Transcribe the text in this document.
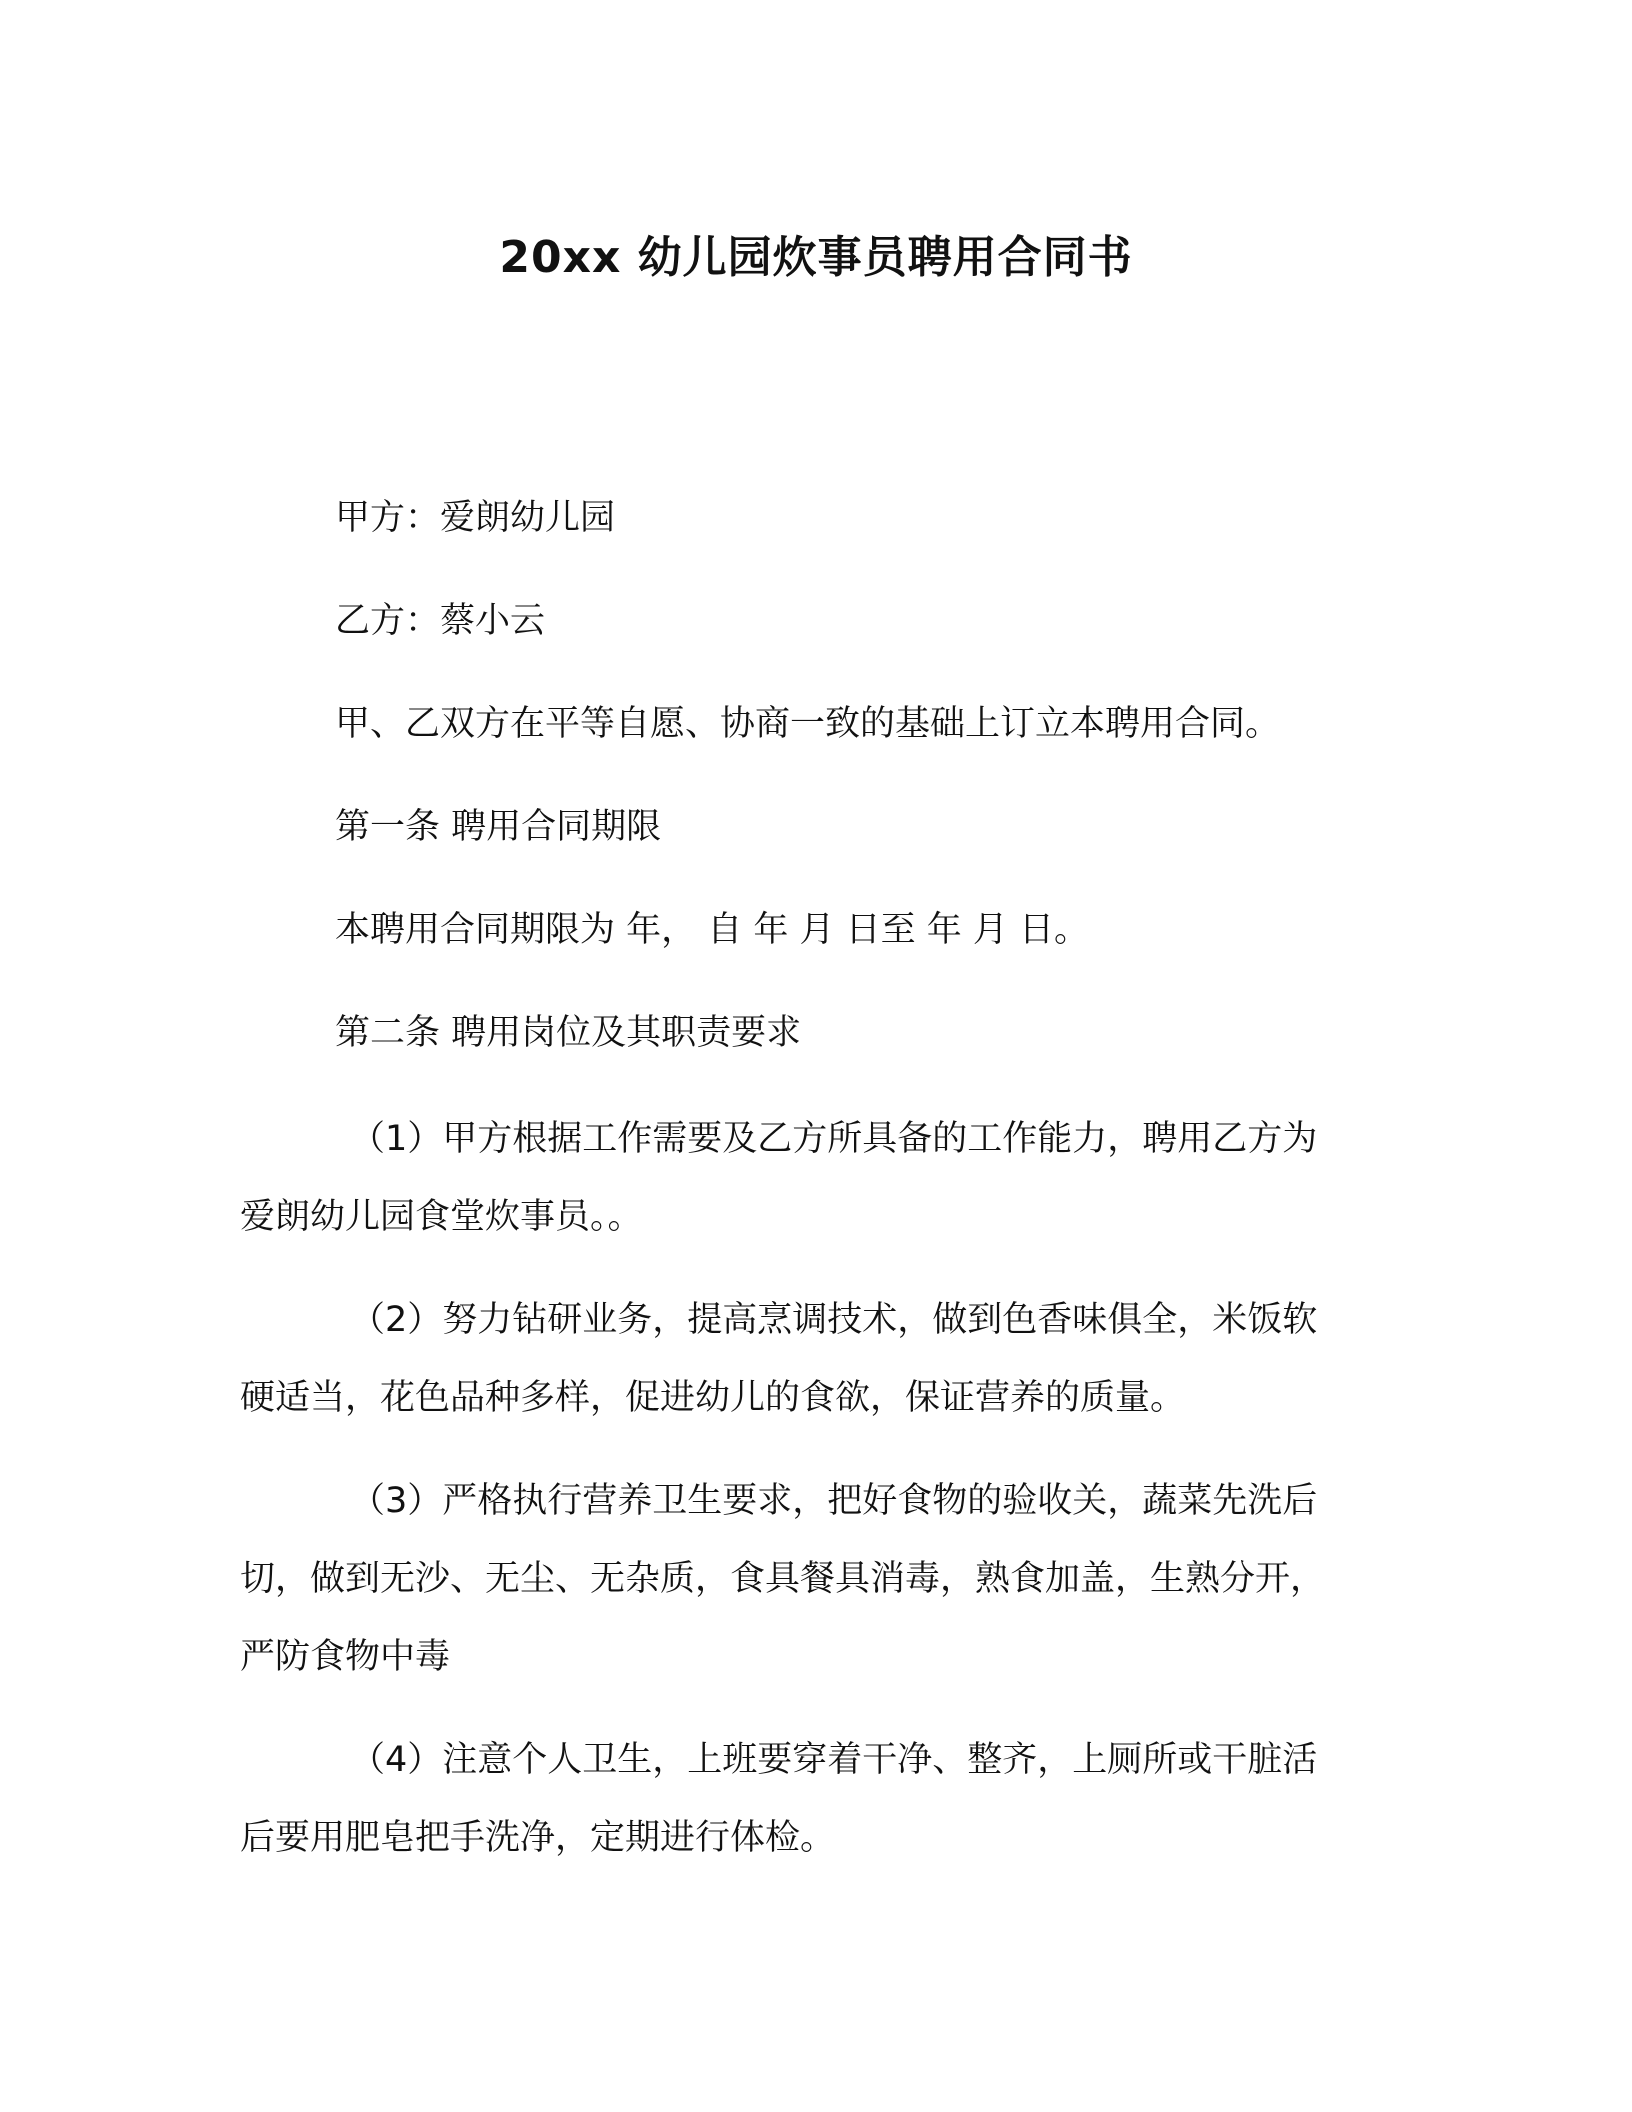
20xx 幼儿园炊事员聘用合同书
甲方：爱朗幼儿园
乙方：蔡小云
甲、乙双方在平等自愿、协商一致的基础上订立本聘用合同。
第一条 聘用合同期限
本聘用合同期限为 年， 自 年 月 日至 年 月 日。
第二条 聘用岗位及其职责要求
（1）甲方根据工作需要及乙方所具备的工作能力，聘用乙方为
爱朗幼儿园食堂炊事员。。
（2）努力钻研业务，提高烹调技术，做到色香味俱全，米饭软
硬适当，花色品种多样，促进幼儿的食欲，保证营养的质量。
（3）严格执行营养卫生要求，把好食物的验收关，蔬菜先洗后
切，做到无沙、无尘、无杂质，食具餐具消毒，熟食加盖，生熟分开，
严防食物中毒
（4）注意个人卫生，上班要穿着干净、整齐，上厕所或干脏活
后要用肥皂把手洗净，定期进行体检。
